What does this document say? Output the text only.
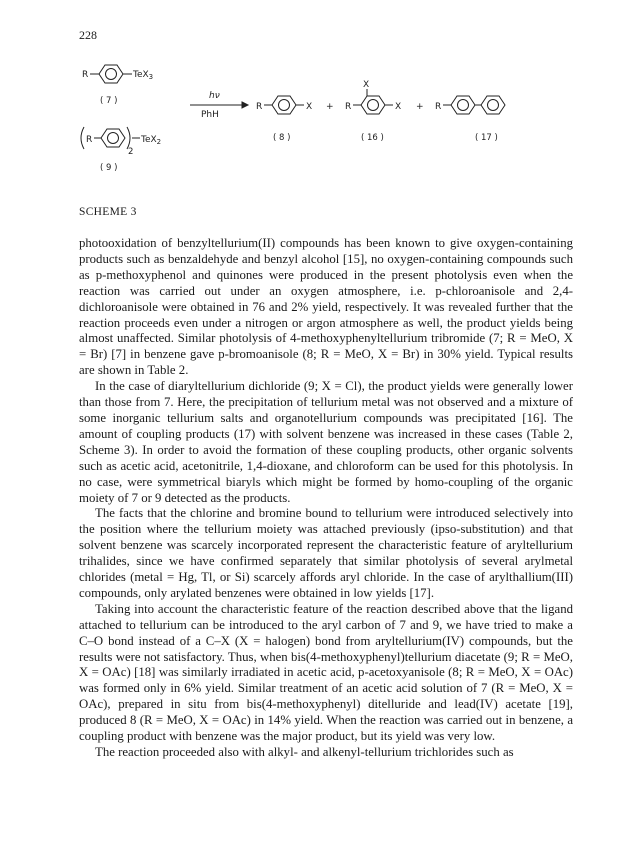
228
R	TeX$_3$
( 7 )
R
2
TeX$_2$
( 9 )
hν
PhH
R	X
( 8 )
+ R
X
X
( 16 )
+ R
( 17 )
SCHEME 3

photooxidation of benzyltellurium(II) compounds has been known to give oxygen-containing products such as benzaldehyde and benzyl alcohol [15], no oxygen-containing compounds such as p-methoxyphenol and quinones were produced in the present photolysis even when the reaction was carried out under an oxygen atmosphere, i.e. p-chloroanisole and 2,4-dichloroanisole were obtained in 76 and 2% yield, respectively. It was revealed further that the reaction proceeds even under a nitrogen or argon atmosphere as well, the product yields being almost unaffected. Similar photolysis of 4-methoxyphenyltellurium tribromide (7; R = MeO, X = Br) [7] in benzene gave p-bromoanisole (8; R = MeO, X = Br) in 30% yield. Typical results are shown in Table 2.

In the case of diaryltellurium dichloride (9; X = Cl), the product yields were generally lower than those from 7. Here, the precipitation of tellurium metal was not observed and a mixture of some inorganic tellurium salts and organotellurium compounds was precipitated [16]. The amount of coupling products (17) with solvent benzene was increased in these cases (Table 2, Scheme 3). In order to avoid the formation of these coupling products, other organic solvents such as acetic acid, acetonitrile, 1,4-dioxane, and chloroform can be used for this photolysis. In no case, were symmetrical biaryls which might be formed by homo-coupling of the organic moiety of 7 or 9 detected as the products.

The facts that the chlorine and bromine bound to tellurium were introduced selectively into the position where the tellurium moiety was attached previously (ipso-substitution) and that solvent benzene was scarcely incorporated represent the characteristic feature of aryltellurium trihalides, since we have confirmed separately that similar photolysis of several arylmetal chlorides (metal = Hg, Tl, or Si) scarcely affords aryl chloride. In the case of arylthallium(III) compounds, only arylated benzenes were obtained in low yields [17].

Taking into account the characteristic feature of the reaction described above that the ligand attached to tellurium can be introduced to the aryl carbon of 7 and 9, we have tried to make a C–O bond instead of a C–X (X = halogen) bond from aryltellurium(IV) compounds, but the results were not satisfactory. Thus, when bis(4-methoxyphenyl)tellurium diacetate (9; R = MeO, X = OAc) [18] was similarly irradiated in acetic acid, p-acetoxyanisole (8; R = MeO, X = OAc) was formed only in 6% yield. Similar treatment of an acetic acid solution of 7 (R = MeO, X = OAc), prepared in situ from bis(4-methoxyphenyl) ditelluride and lead(IV) acetate [19], produced 8 (R = MeO, X = OAc) in 14% yield. When the reaction was carried out in benzene, a coupling product with benzene was the major product, but its yield was very low.

The reaction proceeded also with alkyl- and alkenyl-tellurium trichlorides such as
